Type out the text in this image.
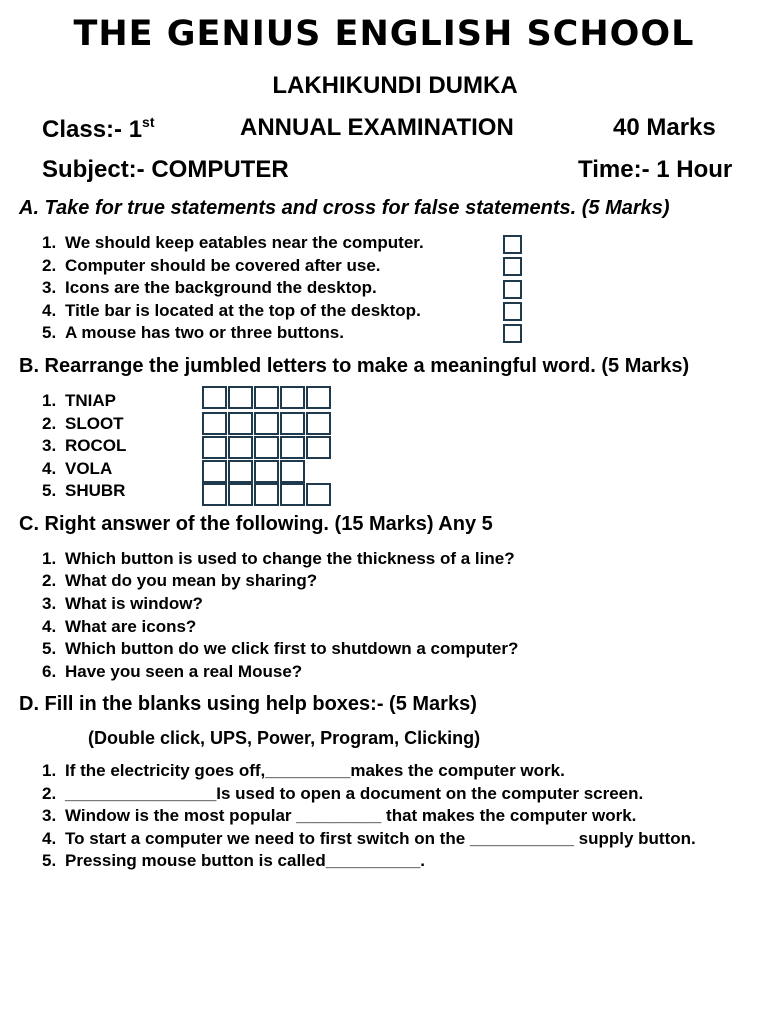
THE GENIUS ENGLISH SCHOOL
LAKHIKUNDI DUMKA
Class:- 1st	ANNUAL EXAMINATION	40 Marks
Subject:- COMPUTER	Time:- 1 Hour
A. Take for true statements and cross for false statements. (5 Marks)
1. We should keep eatables near the computer.
2. Computer should be covered after use.
3. Icons are the background the desktop.
4. Title bar is located at the top of the desktop.
5. A mouse has two or three buttons.
B. Rearrange the jumbled letters to make a meaningful word. (5 Marks)
1. TNIAP
2. SLOOT
3. ROCOL
4. VOLA
5. SHUBR
C. Right answer of the following. (15 Marks) Any 5
1. Which button is used to change the thickness of a line?
2. What do you mean by sharing?
3. What is window?
4. What are icons?
5. Which button do we click first to shutdown a computer?
6. Have you seen a real Mouse?
D. Fill in the blanks using help boxes:- (5 Marks)
(Double click, UPS, Power, Program, Clicking)
1. If the electricity goes off,_________makes the computer work.
2. ________________Is used to open a document on the computer screen.
3. Window is the most popular _________ that makes the computer work.
4. To start a computer we need to first switch on the ___________ supply button.
5. Pressing mouse button is called__________.
